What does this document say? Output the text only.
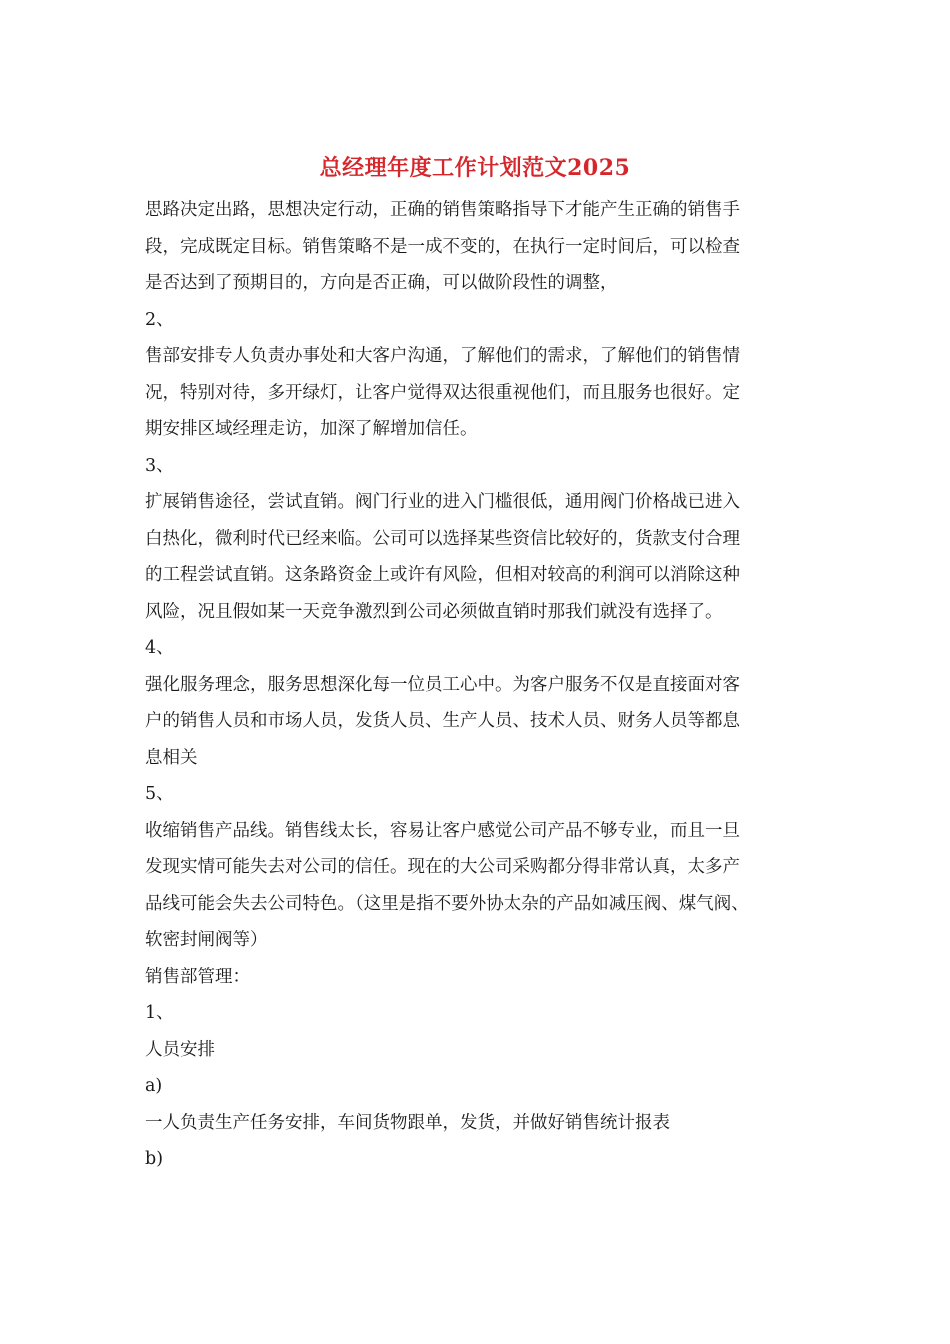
总经理年度工作计划范文2025
思路决定出路，思想决定行动，正确的销售策略指导下才能产生正确的销售手
段，完成既定目标。销售策略不是一成不变的，在执行一定时间后，可以检查
是否达到了预期目的，方向是否正确，可以做阶段性的调整，
2、
售部安排专人负责办事处和大客户沟通，了解他们的需求，了解他们的销售情
况，特别对待，多开绿灯，让客户觉得双达很重视他们，而且服务也很好。定
期安排区域经理走访，加深了解增加信任。
3、
扩展销售途径，尝试直销。阀门行业的进入门槛很低，通用阀门价格战已进入
白热化，微利时代已经来临。公司可以选择某些资信比较好的，货款支付合理
的工程尝试直销。这条路资金上或许有风险，但相对较高的利润可以消除这种
风险，况且假如某一天竞争激烈到公司必须做直销时那我们就没有选择了。
4、
强化服务理念，服务思想深化每一位员工心中。为客户服务不仅是直接面对客
户的销售人员和市场人员，发货人员、生产人员、技术人员、财务人员等都息
息相关
5、
收缩销售产品线。销售线太长，容易让客户感觉公司产品不够专业，而且一旦
发现实情可能失去对公司的信任。现在的大公司采购都分得非常认真，太多产
品线可能会失去公司特色。（这里是指不要外协太杂的产品如减压阀、煤气阀、
软密封闸阀等）
销售部管理：
1、
人员安排
a)
一人负责生产任务安排，车间货物跟单，发货，并做好销售统计报表
b)
